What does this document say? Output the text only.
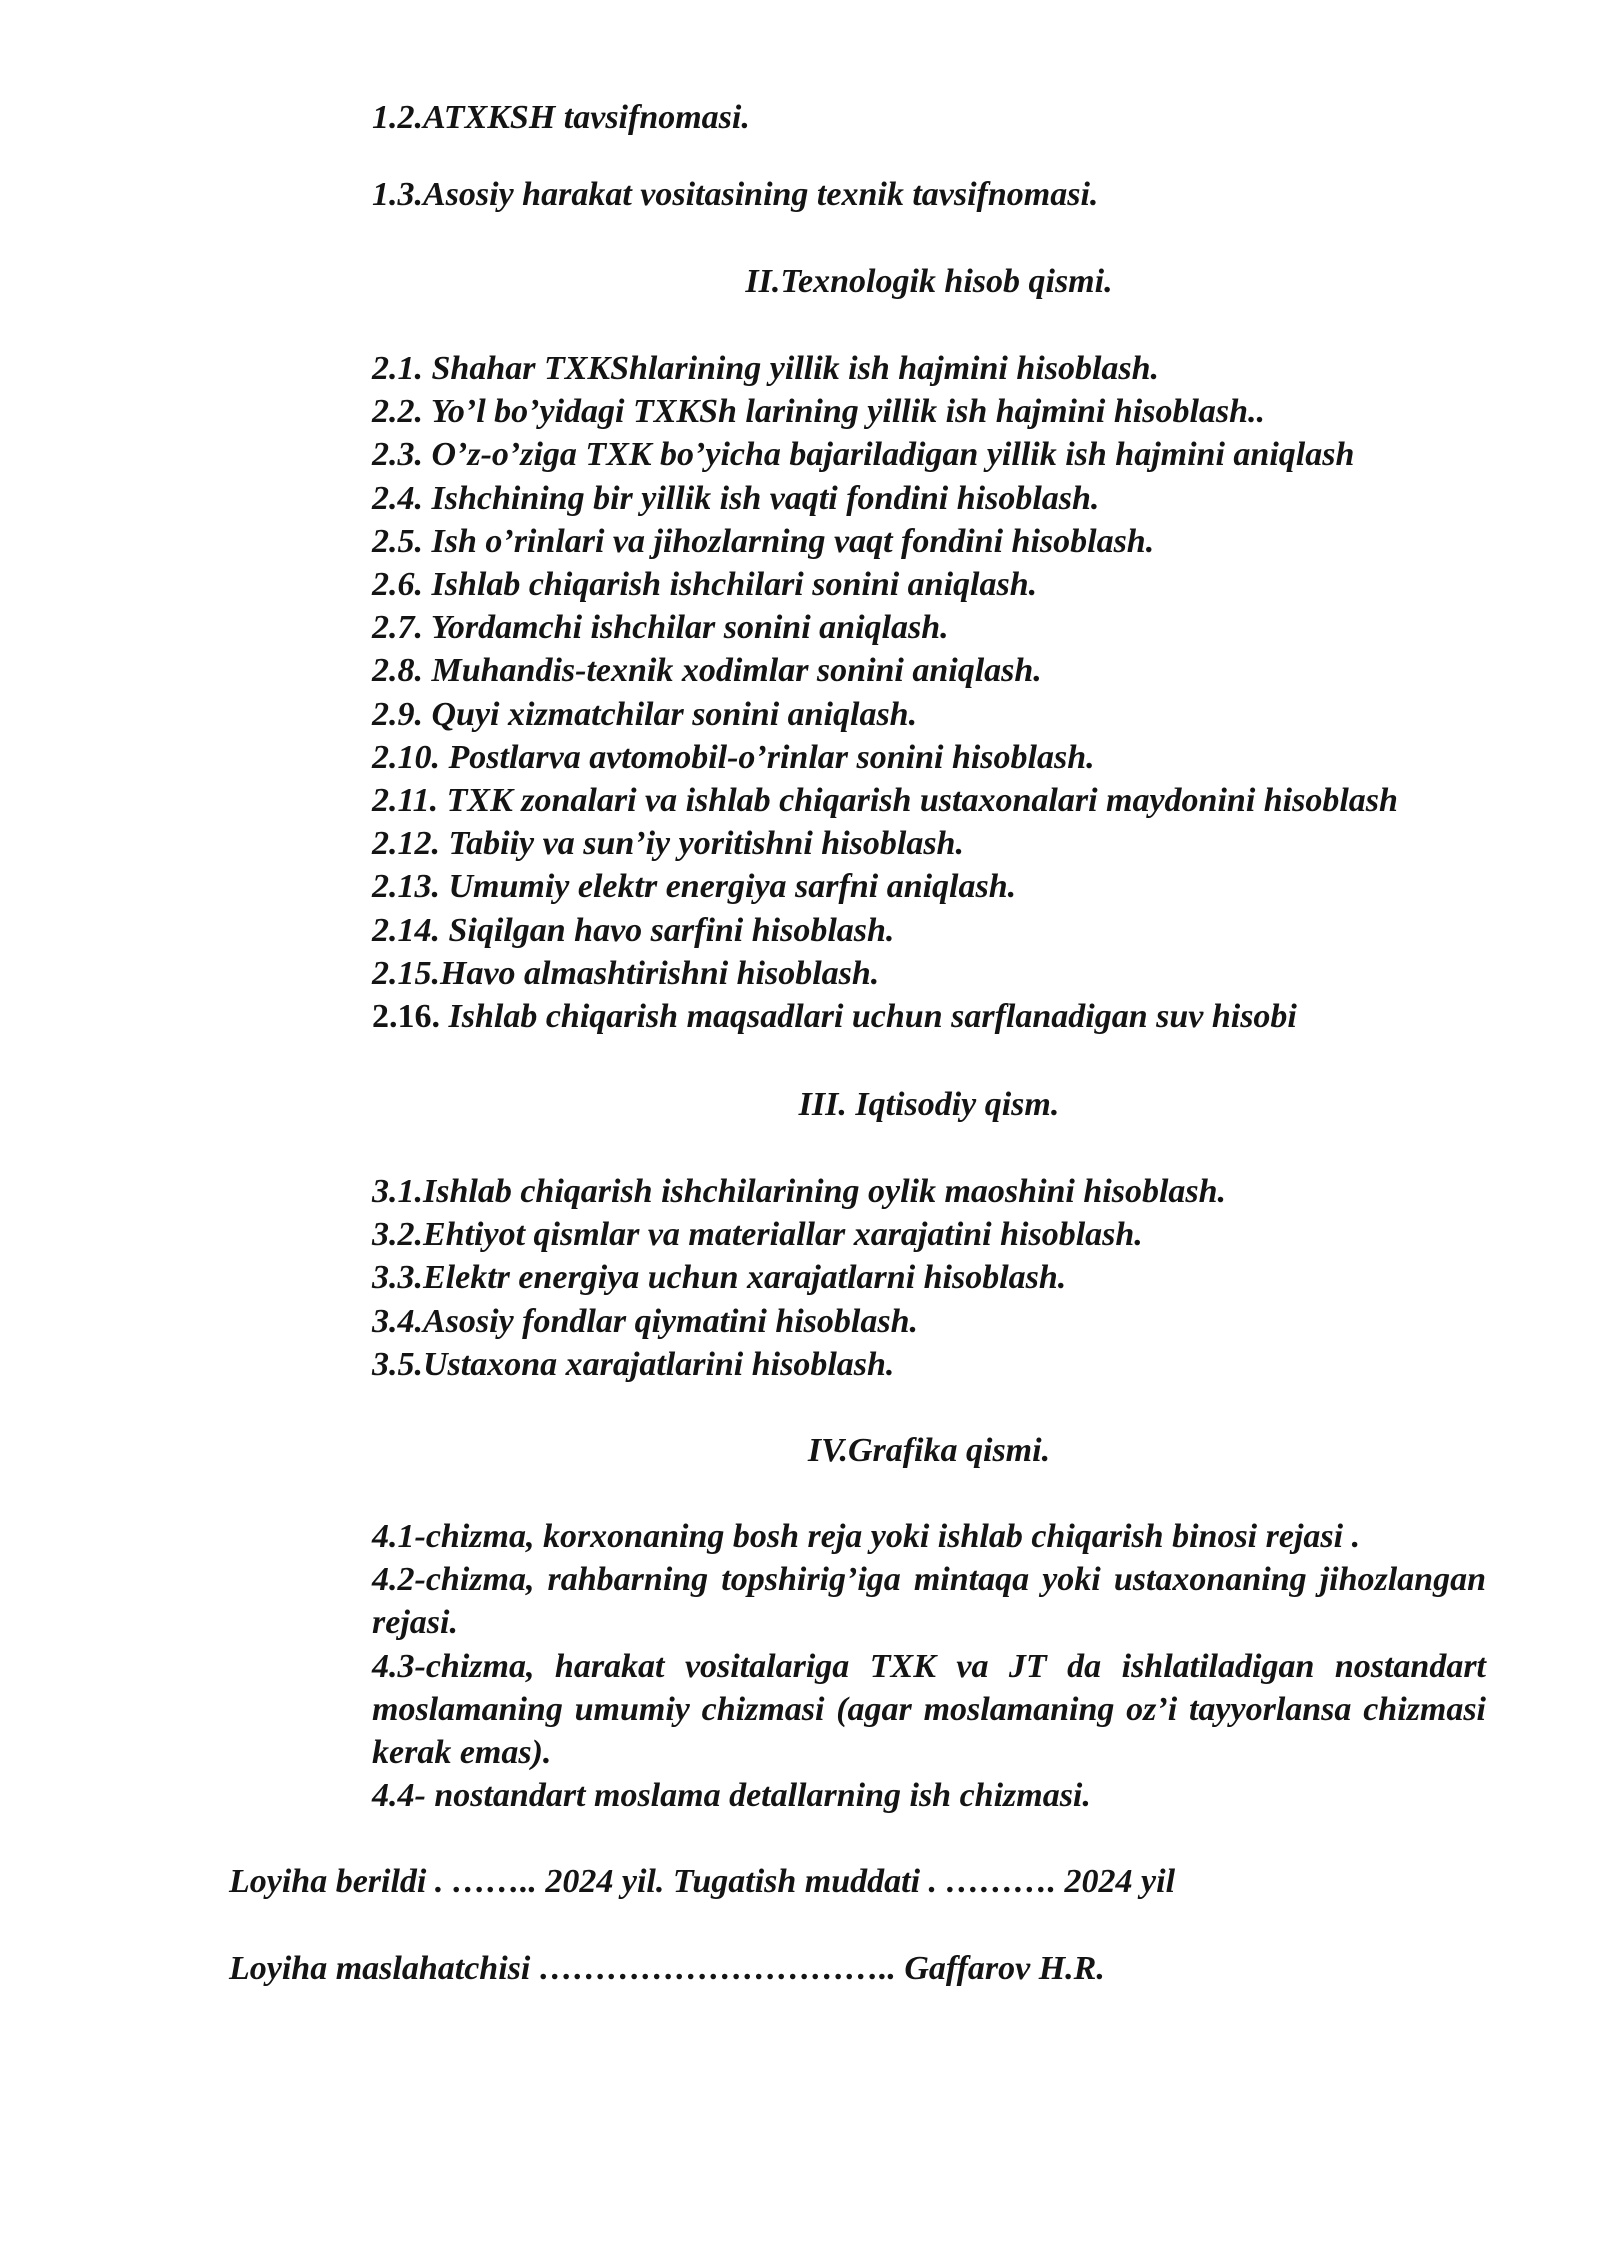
1.2.ATXKSH tavsifnomasi.
1.3.Asosiy harakat vositasining texnik tavsifnomasi.
II.Texnologik hisob qismi.
2.1. Shahar TXKShlarining yillik ish hajmini hisoblash.
2.2. Yo’l bo’yidagi TXKSh larining yillik ish hajmini hisoblash..
2.3. O’z-o’ziga TXK bo’yicha bajariladigan yillik ish hajmini aniqlash
2.4. Ishchining bir yillik ish vaqti fondini hisoblash.
2.5. Ish o’rinlari va jihozlarning vaqt fondini hisoblash.
2.6. Ishlab chiqarish ishchilari sonini aniqlash.
2.7. Yordamchi ishchilar sonini aniqlash.
2.8. Muhandis-texnik xodimlar sonini aniqlash.
2.9. Quyi xizmatchilar sonini aniqlash.
2.10. Postlarva avtomobil-o’rinlar sonini hisoblash.
2.11. TXK zonalari va ishlab chiqarish ustaxonalari maydonini hisoblash
2.12. Tabiiy va sun’iy yoritishni hisoblash.
2.13. Umumiy elektr energiya sarfni aniqlash.
2.14. Siqilgan havo sarfini hisoblash.
2.15.Havo almashtirishni hisoblash.
2.16. Ishlab chiqarish maqsadlari uchun sarflanadigan suv hisobi
III. Iqtisodiy qism.
3.1.Ishlab chiqarish ishchilarining oylik maoshini hisoblash.
3.2.Ehtiyot qismlar va materiallar xarajatini hisoblash.
3.3.Elektr energiya uchun xarajatlarni hisoblash.
3.4.Asosiy fondlar qiymatini hisoblash.
3.5.Ustaxona xarajatlarini hisoblash.
IV.Grafika qismi.
4.1-chizma, korxonaning bosh reja yoki ishlab chiqarish binosi rejasi .
4.2-chizma, rahbarning topshirig’iga mintaqa yoki ustaxonaning jihozlangan rejasi.
4.3-chizma, harakat vositalariga TXK va JT da ishlatiladigan nostandart moslamaning umumiy chizmasi (agar moslamaning oz’i tayyorlansa chizmasi kerak emas).
4.4- nostandart moslama detallarning ish chizmasi.
Loyiha berildi . …….. 2024 yil. Tugatish muddati . ………. 2024 yil
Loyiha maslahatchisi ………………………….. Gaffarov H.R.
